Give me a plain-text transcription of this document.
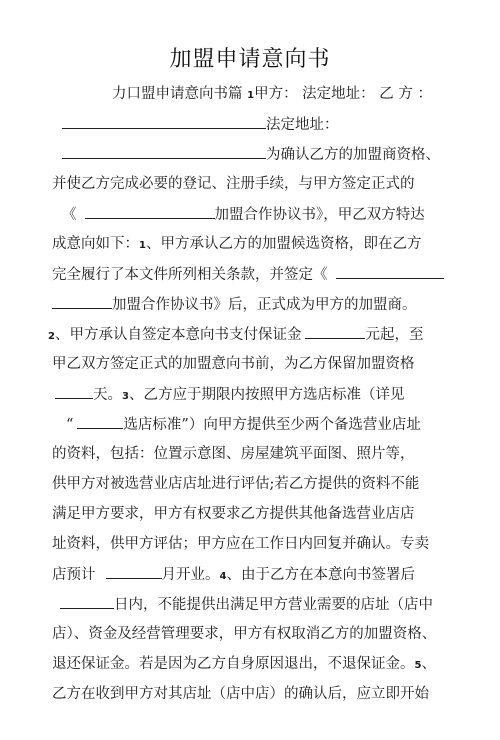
加盟申请意向书
力口盟申请意向书篇 1甲方： 法定地址： 乙 方 ：
法定地址：
为确认乙方的加盟商资格、
并使乙方完成必要的登记、注册手续，与甲方签定正式的
《	加盟合作协议书》，甲乙双方特达
成意向如下：1、甲方承认乙方的加盟候选资格，即在乙方
完全履行了本文件所列相关条款，并签定《
加盟合作协议书》后，正式成为甲方的加盟商。
2、甲方承认自签定本意向书支付保证金	元起，至
甲乙双方签定正式的加盟意向书前，为乙方保留加盟资格
天。3、乙方应于期限内按照甲方选店标准（详见
“	选店标准”）向甲方提供至少两个备选营业店址
的资料，包括：位置示意图、房屋建筑平面图、照片等，
供甲方对被选营业店店址进行评估;若乙方提供的资料不能
满足甲方要求，甲方有权要求乙方提供其他备选营业店店
址资料，供甲方评估；甲方应在工作日内回复并确认。专卖
店预计	月开业。4、由于乙方在本意向书签署后
日内，不能提供出满足甲方营业需要的店址（店中
店）、资金及经营管理要求，甲方有权取消乙方的加盟资格、
退还保证金。若是因为乙方自身原因退出，不退保证金。5、
乙方在收到甲方对其店址（店中店）的确认后，应立即开始
